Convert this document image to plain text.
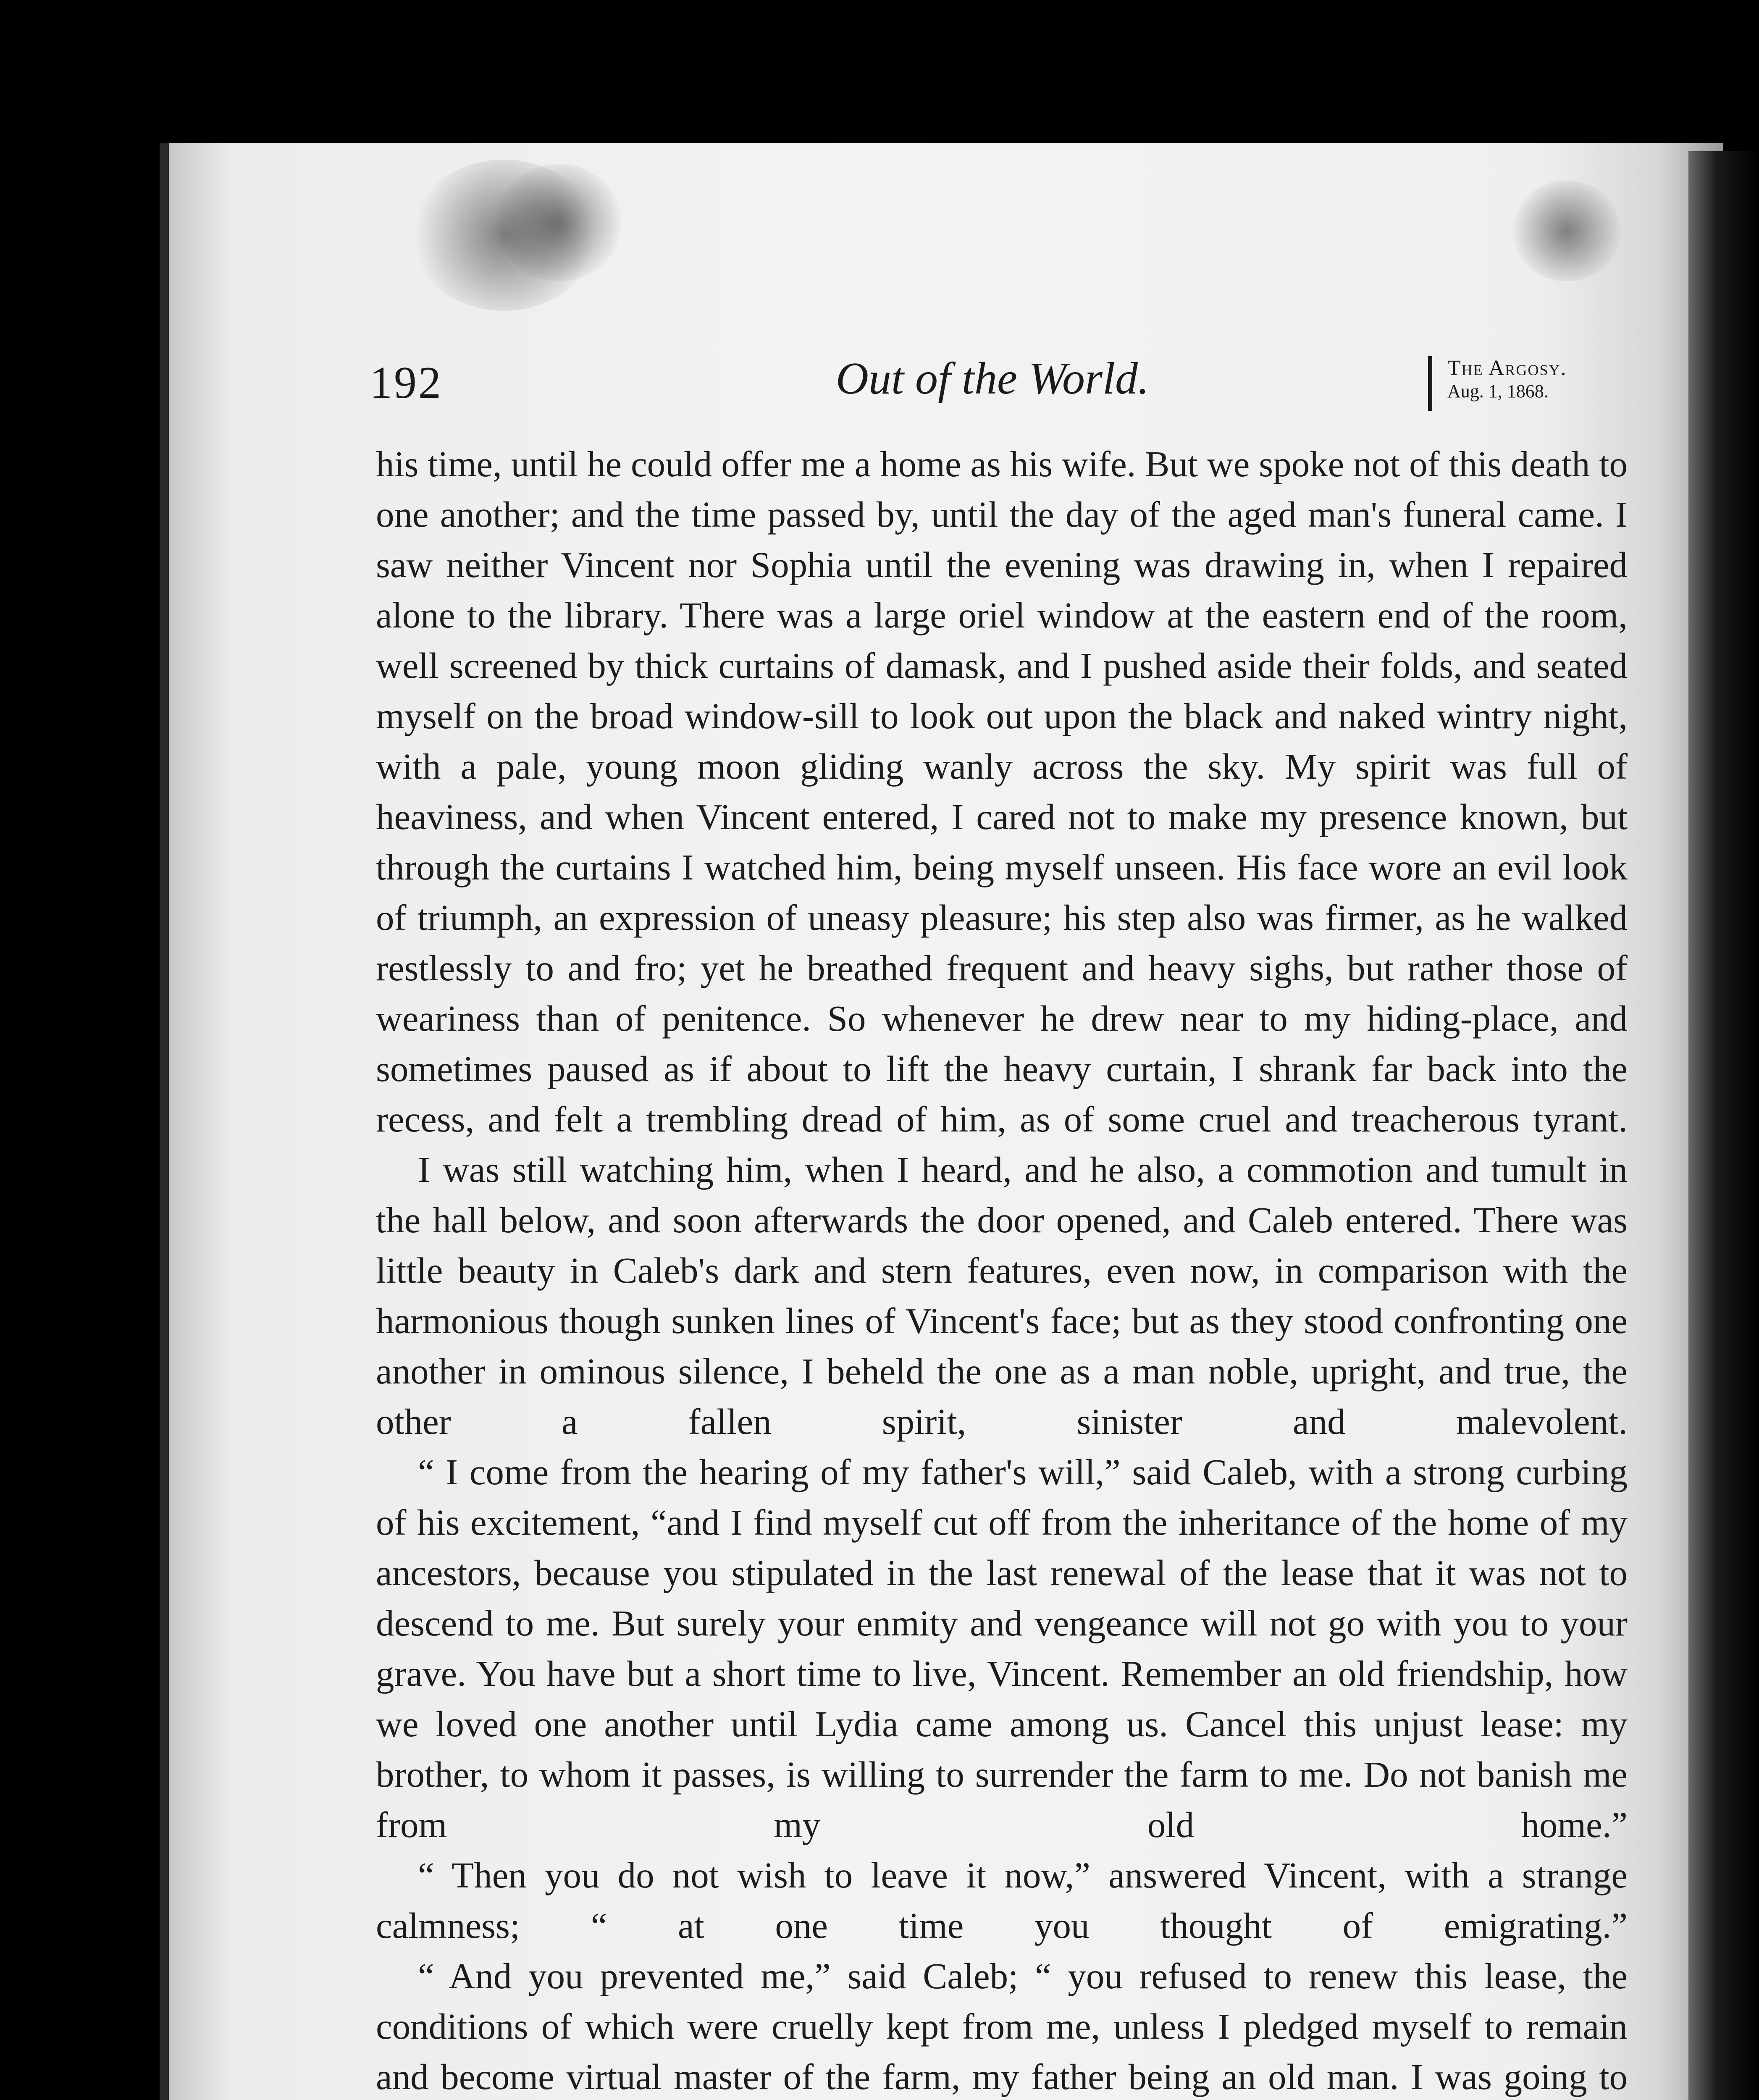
192	Out of the World.	The Argosy.
Aug. 1, 1868.

his time, until he could offer me a home as his wife. But we spoke not of this death to one another; and the time passed by, until the day of the aged man's funeral came. I saw neither Vincent nor Sophia until the evening was drawing in, when I repaired alone to the library. There was a large oriel window at the eastern end of the room, well screened by thick curtains of damask, and I pushed aside their folds, and seated myself on the broad window-sill to look out upon the black and naked wintry night, with a pale, young moon gliding wanly across the sky. My spirit was full of heaviness, and when Vincent entered, I cared not to make my presence known, but through the curtains I watched him, being myself unseen. His face wore an evil look of triumph, an expression of uneasy pleasure; his step also was firmer, as he walked restlessly to and fro; yet he breathed frequent and heavy sighs, but rather those of weariness than of penitence. So whenever he drew near to my hiding-place, and sometimes paused as if about to lift the heavy curtain, I shrank far back into the recess, and felt a trembling dread of him, as of some cruel and treacherous tyrant.

I was still watching him, when I heard, and he also, a commotion and tumult in the hall below, and soon afterwards the door opened, and Caleb entered. There was little beauty in Caleb's dark and stern features, even now, in comparison with the harmonious though sunken lines of Vincent's face; but as they stood confronting one another in ominous silence, I beheld the one as a man noble, upright, and true, the other a fallen spirit, sinister and malevolent.

“ I come from the hearing of my father's will,” said Caleb, with a strong curbing of his excitement, “and I find myself cut off from the inheritance of the home of my ancestors, because you stipulated in the last renewal of the lease that it was not to descend to me. But surely your enmity and vengeance will not go with you to your grave. You have but a short time to live, Vincent. Remember an old friendship, how we loved one another until Lydia came among us. Cancel this unjust lease: my brother, to whom it passes, is willing to surrender the farm to me. Do not banish me from my old home.”

“ Then you do not wish to leave it now,” answered Vincent, with a strange calmness; “ at one time you thought of emigrating.”

“ And you prevented me,” said Caleb; “ you refused to renew this lease, the conditions of which were cruelly kept from me, unless I pledged myself to remain and become virtual master of the farm, my father being an old man. I was going to
